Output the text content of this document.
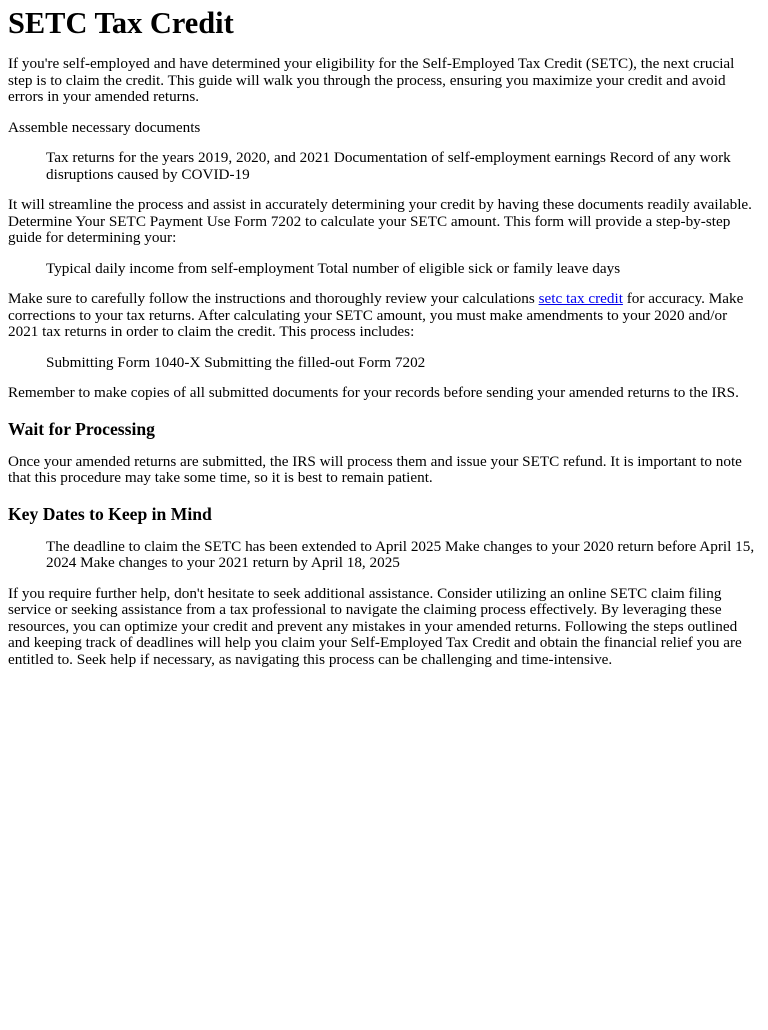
SETC Tax Credit

If you're self-employed and have determined your eligibility for the Self-Employed Tax Credit (SETC), the next crucial step is to claim the credit. This guide will walk you through the process, ensuring you maximize your credit and avoid errors in your amended returns.

Assemble necessary documents

Tax returns for the years 2019, 2020, and 2021 Documentation of self-employment earnings Record of any work disruptions caused by COVID-19

It will streamline the process and assist in accurately determining your credit by having these documents readily available. Determine Your SETC Payment Use Form 7202 to calculate your SETC amount. This form will provide a step-by-step guide for determining your:

Typical daily income from self-employment Total number of eligible sick or family leave days

Make sure to carefully follow the instructions and thoroughly review your calculations setc tax credit for accuracy. Make corrections to your tax returns. After calculating your SETC amount, you must make amendments to your 2020 and/or 2021 tax returns in order to claim the credit. This process includes:

Submitting Form 1040-X Submitting the filled-out Form 7202

Remember to make copies of all submitted documents for your records before sending your amended returns to the IRS.

Wait for Processing

Once your amended returns are submitted, the IRS will process them and issue your SETC refund. It is important to note that this procedure may take some time, so it is best to remain patient.

Key Dates to Keep in Mind
The deadline to claim the SETC has been extended to April 2025 Make changes to your 2020 return before April 15, 2024 Make changes to your 2021 return by April 18, 2025

If you require further help, don't hesitate to seek additional assistance. Consider utilizing an online SETC claim filing service or seeking assistance from a tax professional to navigate the claiming process effectively. By leveraging these resources, you can optimize your credit and prevent any mistakes in your amended returns. Following the steps outlined and keeping track of deadlines will help you claim your Self-Employed Tax Credit and obtain the financial relief you are entitled to. Seek help if necessary, as navigating this process can be challenging and time-intensive.
